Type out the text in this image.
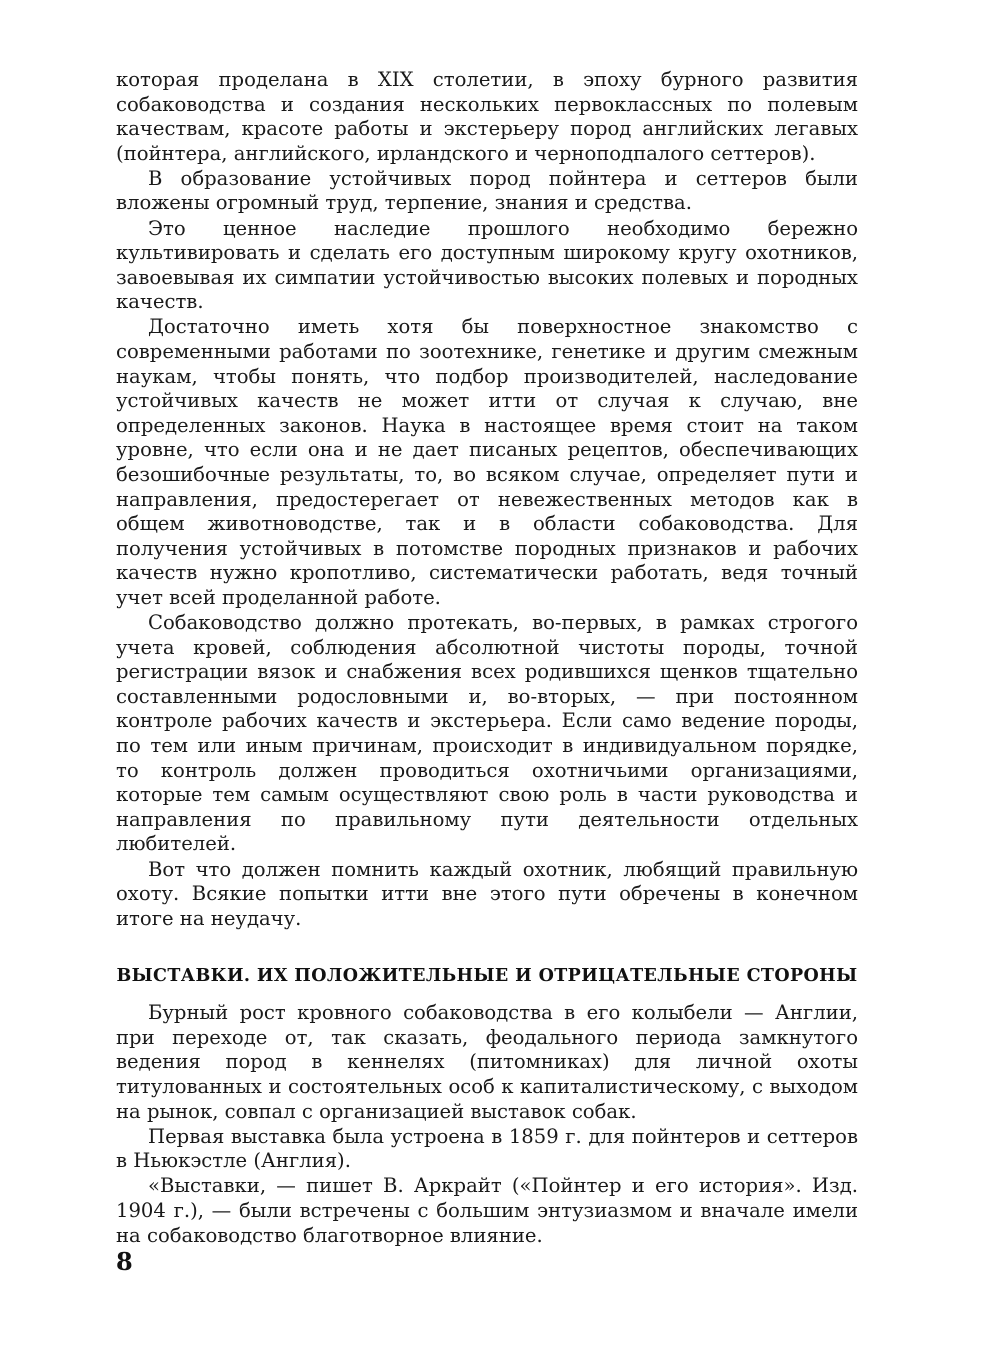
которая проделана в XIX столетии, в эпоху бурного развития собаководства и создания нескольких первоклассных по полевым качествам, красоте работы и экстерьеру пород английских легавых (пойнтера, английского, ирландского и черноподпалого сеттеров).

В образование устойчивых пород пойнтера и сеттеров были вложены огромный труд, терпение, знания и средства.

Это ценное наследие прошлого необходимо бережно культивировать и сделать его доступным широкому кругу охотников, завоевывая их симпатии устойчивостью высоких полевых и породных качеств.

Достаточно иметь хотя бы поверхностное знакомство с современными работами по зоотехнике, генетике и другим смежным наукам, чтобы понять, что подбор производителей, наследование устойчивых качеств не может итти от случая к случаю, вне определенных законов. Наука в настоящее время стоит на таком уровне, что если она и не дает писаных рецептов, обеспечивающих безошибочные результаты, то, во всяком случае, определяет пути и направления, предостерегает от невежественных методов как в общем животноводстве, так и в области собаководства. Для получения устойчивых в потомстве породных признаков и рабочих качеств нужно кропотливо, систематически работать, ведя точный учет всей проделанной работе.

Собаководство должно протекать, во-первых, в рамках строгого учета кровей, соблюдения абсолютной чистоты породы, точной регистрации вязок и снабжения всех родившихся щенков тщательно составленными родословными и, во-вторых, — при постоянном контроле рабочих качеств и экстерьера. Если само ведение породы, по тем или иным причинам, происходит в индивидуальном порядке, то контроль должен проводиться охотничьими организациями, которые тем самым осуществляют свою роль в части руководства и направления по правильному пути деятельности отдельных любителей.

Вот что должен помнить каждый охотник, любящий правильную охоту. Всякие попытки итти вне этого пути обречены в конечном итоге на неудачу.

ВЫСТАВКИ. ИХ ПОЛОЖИТЕЛЬНЫЕ И ОТРИЦАТЕЛЬНЫЕ СТОРОНЫ

Бурный рост кровного собаководства в его колыбели — Англии, при переходе от, так сказать, феодального периода замкнутого ведения пород в кеннелях (питомниках) для личной охоты титулованных и состоятельных особ к капиталистическому, с выходом на рынок, совпал с организацией выставок собак.

Первая выставка была устроена в 1859 г. для пойнтеров и сеттеров в Ньюкэстле (Англия).

«Выставки, — пишет В. Аркрайт («Пойнтер и его история». Изд. 1904 г.), — были встречены с большим энтузиазмом и вначале имели на собаководство благотворное влияние.

8
